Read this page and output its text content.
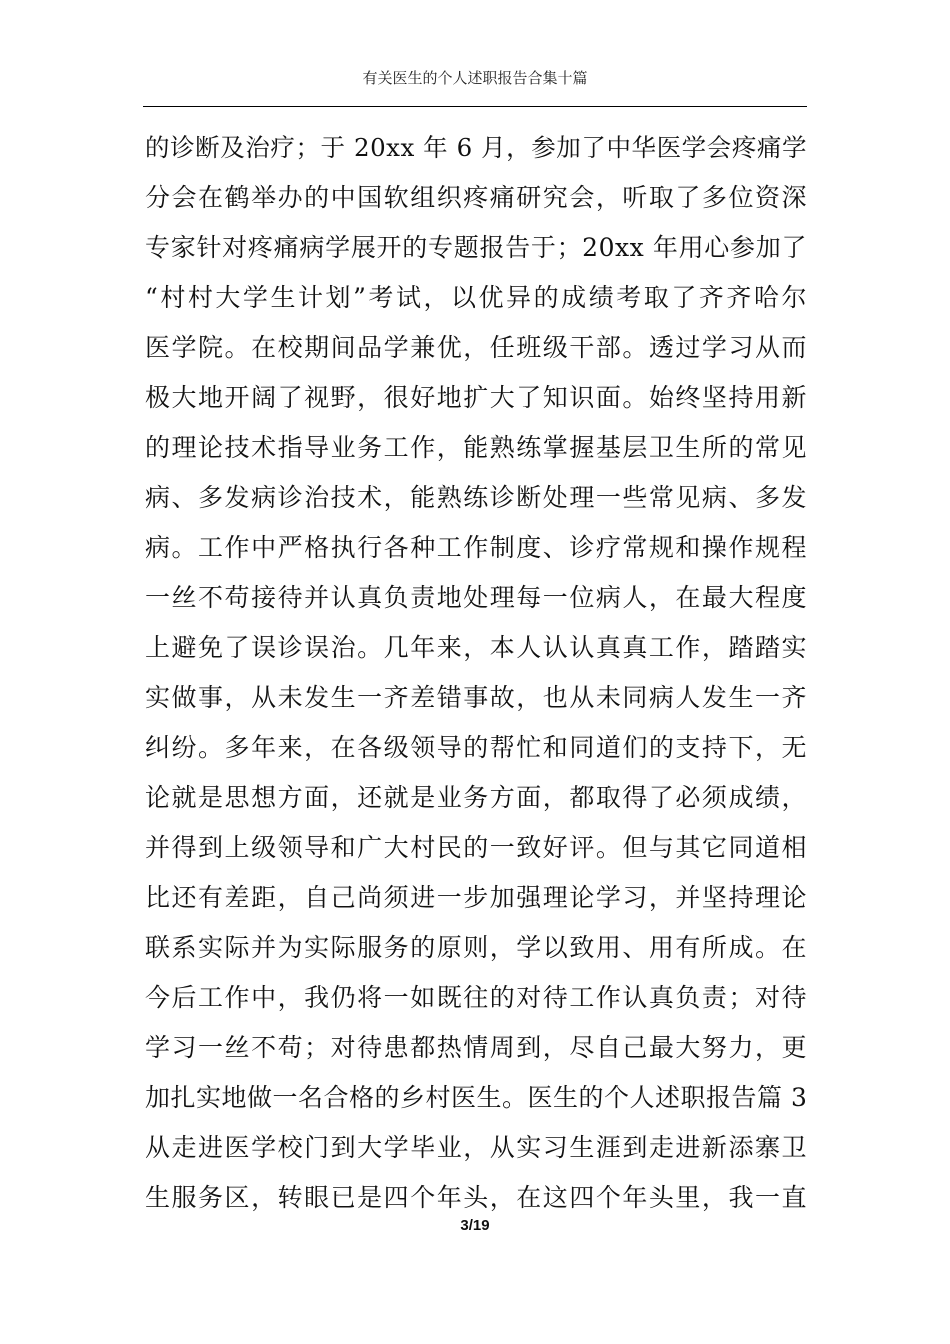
有关医生的个人述职报告合集十篇
的诊断及治疗；于 20xx 年 6 月，参加了中华医学会疼痛学
分会在鹤举办的中国软组织疼痛研究会，听取了多位资深
专家针对疼痛病学展开的专题报告于；20xx 年用心参加了
“村村大学生计划”考试，以优异的成绩考取了齐齐哈尔
医学院。在校期间品学兼优，任班级干部。透过学习从而
极大地开阔了视野，很好地扩大了知识面。始终坚持用新
的理论技术指导业务工作，能熟练掌握基层卫生所的常见
病、多发病诊治技术，能熟练诊断处理一些常见病、多发
病。工作中严格执行各种工作制度、诊疗常规和操作规程
一丝不苟接待并认真负责地处理每一位病人，在最大程度
上避免了误诊误治。几年来，本人认认真真工作，踏踏实
实做事，从未发生一齐差错事故，也从未同病人发生一齐
纠纷。多年来，在各级领导的帮忙和同道们的支持下，无
论就是思想方面，还就是业务方面，都取得了必须成绩，
并得到上级领导和广大村民的一致好评。但与其它同道相
比还有差距，自己尚须进一步加强理论学习，并坚持理论
联系实际并为实际服务的原则，学以致用、用有所成。在
今后工作中，我仍将一如既往的对待工作认真负责；对待
学习一丝不苟；对待患都热情周到，尽自己最大努力，更
加扎实地做一名合格的乡村医生。医生的个人述职报告篇 3
从走进医学校门到大学毕业，从实习生涯到走进新添寨卫
生服务区，转眼已是四个年头，在这四个年头里，我一直
3/19
